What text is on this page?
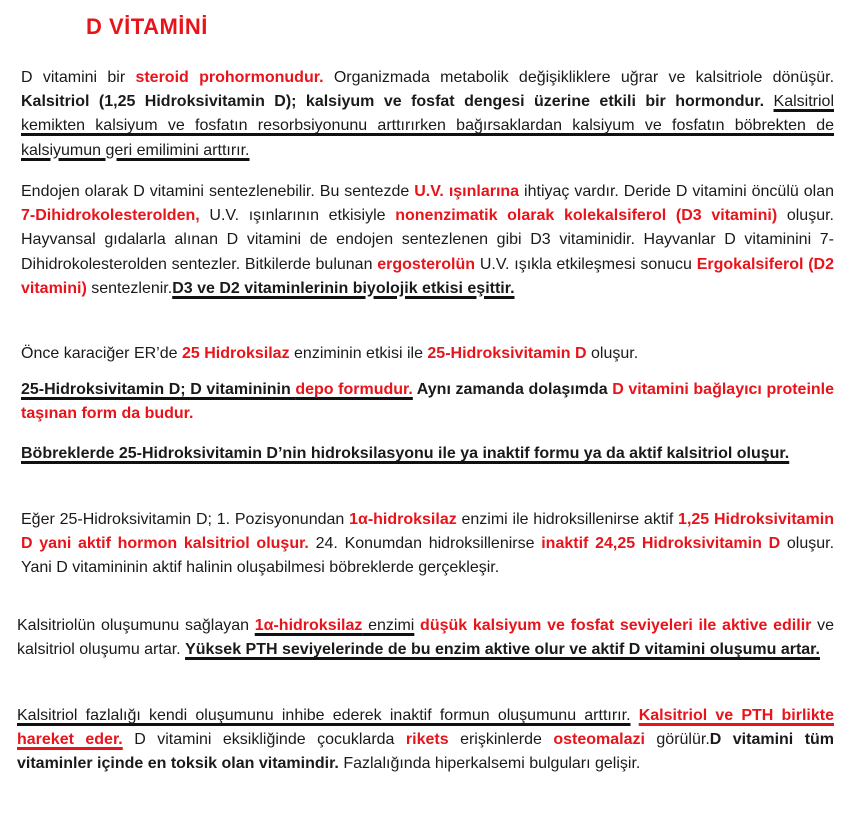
D VİTAMİNİ

D vitamini bir steroid prohormonudur. Organizmada metabolik değişikliklere uğrar ve kalsitriole dönüşür. Kalsitriol (1,25 Hidroksivitamin D); kalsiyum ve fosfat dengesi üzerine etkili bir hormondur. Kalsitriol kemikten kalsiyum ve fosfatın resorbsiyonunu arttırırken bağırsaklardan kalsiyum ve fosfatın böbrekten de kalsiyumun geri emilimini arttırır.

Endojen olarak D vitamini sentezlenebilir. Bu sentezde U.V. ışınlarına ihtiyaç vardır. Deride D vitamini öncülü olan 7-Dihidrokolesterolden, U.V. ışınlarının etkisiyle nonenzimatik olarak kolekalsiferol (D3 vitamini) oluşur. Hayvansal gıdalarla alınan D vitamini de endojen sentezlenen gibi D3 vitaminidir. Hayvanlar D vitaminini 7-Dihidrokolesterolden sentezler. Bitkilerde bulunan ergosterolün U.V. ışıkla etkileşmesi sonucu Ergokalsiferol (D2 vitamini) sentezlenir.D3 ve D2 vitaminlerinin biyolojik etkisi eşittir.

Önce karaciğer ER’de 25 Hidroksilaz enziminin etkisi ile 25-Hidroksivitamin D oluşur.

25-Hidroksivitamin D; D vitamininin depo formudur. Aynı zamanda dolaşımda D vitamini bağlayıcı proteinle taşınan form da budur.

Böbreklerde 25-Hidroksivitamin D’nin hidroksilasyonu ile ya inaktif formu ya da aktif kalsitriol oluşur.

Eğer 25-Hidroksivitamin D; 1. Pozisyonundan 1α-hidroksilaz enzimi ile hidroksillenirse aktif 1,25 Hidroksivitamin D yani aktif hormon kalsitriol oluşur. 24. Konumdan hidroksillenirse inaktif 24,25 Hidroksivitamin D oluşur. Yani D vitamininin aktif halinin oluşabilmesi böbreklerde gerçekleşir.

Kalsitriolün oluşumunu sağlayan 1α-hidroksilaz enzimi düşük kalsiyum ve fosfat seviyeleri ile aktive edilir ve kalsitriol oluşumu artar. Yüksek PTH seviyelerinde de bu enzim aktive olur ve aktif D vitamini oluşumu artar.

Kalsitriol fazlalığı kendi oluşumunu inhibe ederek inaktif formun oluşumunu arttırır. Kalsitriol ve PTH birlikte hareket eder. D vitamini eksikliğinde çocuklarda rikets erişkinlerde osteomalazi görülür.D vitamini tüm vitaminler içinde en toksik olan vitamindir. Fazlalığında hiperkalsemi bulguları gelişir.
